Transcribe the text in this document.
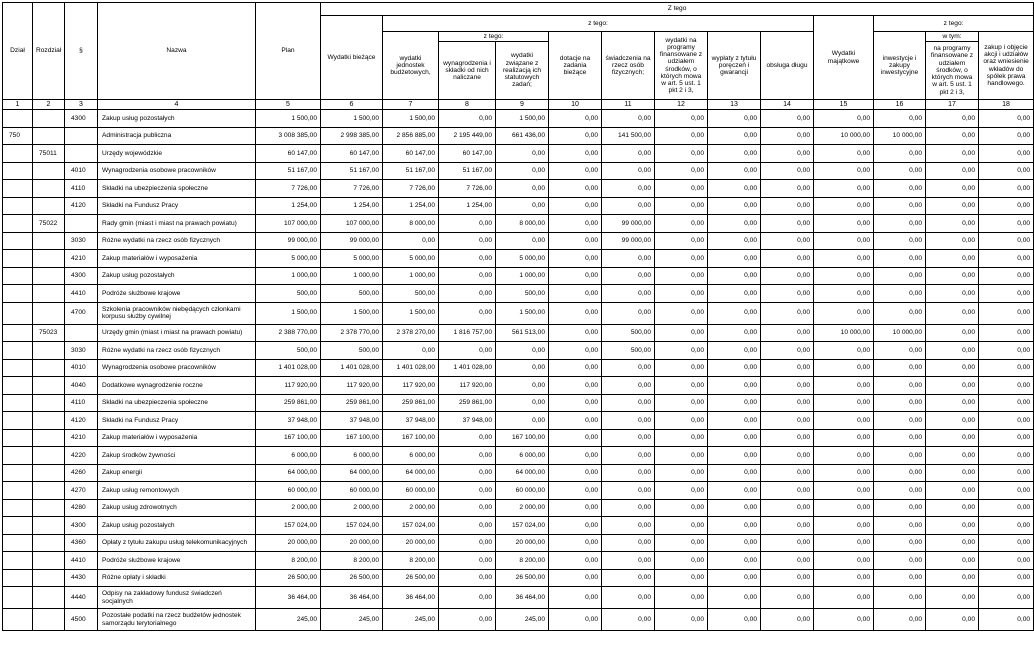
Dział	Rozdział	§	Nazwa	Plan	Z tego												
					Wydatki bieżące	z tego:								Wydatki majątkowe	z tego:		
						wydatki jednostek budżetowych,	z tego:		dotacje na zadania bieżące	świadczenia na rzecz osób fizycznych;	wydatki na programy finansowane z udziałem środków, o których mowa w art. 5 ust. 1 pkt 2 i 3,	wypłaty z tytułu poręczeń i gwarancji	obsługa długu		inwestycje i zakupy inwestycyjne	w tym:	zakup i objęcie akcji i udziałów oraz wniesienie wkładów do spółek prawa handlowego.
							wynagrodzenia i składki od nich naliczane	wydatki związane z realizacją ich statutowych zadań;								na programy finansowane z udziałem środków, o których mowa w art. 5 ust. 1 pkt 2 i 3,	
1	2	3	4	5	6	7	8	9	10	11	12	13	14	15	16	17	18
		4300	Zakup usług pozostałych	1 500,00	1 500,00	1 500,00	0,00	1 500,00	0,00	0,00	0,00	0,00	0,00	0,00	0,00	0,00	0,00
750			Administracja publiczna	3 008 385,00	2 998 385,00	2 856 885,00	2 195 449,00	661 436,00	0,00	141 500,00	0,00	0,00	0,00	10 000,00	10 000,00	0,00	0,00
	75011		Urzędy wojewódzkie	60 147,00	60 147,00	60 147,00	60 147,00	0,00	0,00	0,00	0,00	0,00	0,00	0,00	0,00	0,00	0,00
		4010	Wynagrodzenia osobowe pracowników	51 167,00	51 167,00	51 167,00	51 167,00	0,00	0,00	0,00	0,00	0,00	0,00	0,00	0,00	0,00	0,00
		4110	Składki na ubezpieczenia społeczne	7 726,00	7 726,00	7 726,00	7 726,00	0,00	0,00	0,00	0,00	0,00	0,00	0,00	0,00	0,00	0,00
		4120	Składki na Fundusz Pracy	1 254,00	1 254,00	1 254,00	1 254,00	0,00	0,00	0,00	0,00	0,00	0,00	0,00	0,00	0,00	0,00
	75022		Rady gmin (miast i miast na prawach powiatu)	107 000,00	107 000,00	8 000,00	0,00	8 000,00	0,00	99 000,00	0,00	0,00	0,00	0,00	0,00	0,00	0,00
		3030	Różne wydatki na rzecz osób fizycznych	99 000,00	99 000,00	0,00	0,00	0,00	0,00	99 000,00	0,00	0,00	0,00	0,00	0,00	0,00	0,00
		4210	Zakup materiałów i wyposażenia	5 000,00	5 000,00	5 000,00	0,00	5 000,00	0,00	0,00	0,00	0,00	0,00	0,00	0,00	0,00	0,00
		4300	Zakup usług pozostałych	1 000,00	1 000,00	1 000,00	0,00	1 000,00	0,00	0,00	0,00	0,00	0,00	0,00	0,00	0,00	0,00
		4410	Podróże służbowe krajowe	500,00	500,00	500,00	0,00	500,00	0,00	0,00	0,00	0,00	0,00	0,00	0,00	0,00	0,00
		4700	Szkolenia pracowników niebędących członkami korpusu służby cywilnej	1 500,00	1 500,00	1 500,00	0,00	1 500,00	0,00	0,00	0,00	0,00	0,00	0,00	0,00	0,00	0,00
	75023		Urzędy gmin (miast i miast na prawach powiatu)	2 388 770,00	2 378 770,00	2 378 270,00	1 816 757,00	561 513,00	0,00	500,00	0,00	0,00	0,00	10 000,00	10 000,00	0,00	0,00
		3030	Różne wydatki na rzecz osób fizycznych	500,00	500,00	0,00	0,00	0,00	0,00	500,00	0,00	0,00	0,00	0,00	0,00	0,00	0,00
		4010	Wynagrodzenia osobowe pracowników	1 401 028,00	1 401 028,00	1 401 028,00	1 401 028,00	0,00	0,00	0,00	0,00	0,00	0,00	0,00	0,00	0,00	0,00
		4040	Dodatkowe wynagrodzenie roczne	117 920,00	117 920,00	117 920,00	117 920,00	0,00	0,00	0,00	0,00	0,00	0,00	0,00	0,00	0,00	0,00
		4110	Składki na ubezpieczenia społeczne	259 861,00	259 861,00	259 861,00	259 861,00	0,00	0,00	0,00	0,00	0,00	0,00	0,00	0,00	0,00	0,00
		4120	Składki na Fundusz Pracy	37 948,00	37 948,00	37 948,00	37 948,00	0,00	0,00	0,00	0,00	0,00	0,00	0,00	0,00	0,00	0,00
		4210	Zakup materiałów i wyposażenia	167 100,00	167 100,00	167 100,00	0,00	167 100,00	0,00	0,00	0,00	0,00	0,00	0,00	0,00	0,00	0,00
		4220	Zakup środków żywności	6 000,00	6 000,00	6 000,00	0,00	6 000,00	0,00	0,00	0,00	0,00	0,00	0,00	0,00	0,00	0,00
		4260	Zakup energii	64 000,00	64 000,00	64 000,00	0,00	64 000,00	0,00	0,00	0,00	0,00	0,00	0,00	0,00	0,00	0,00
		4270	Zakup usług remontowych	60 000,00	60 000,00	60 000,00	0,00	60 000,00	0,00	0,00	0,00	0,00	0,00	0,00	0,00	0,00	0,00
		4280	Zakup usług zdrowotnych	2 000,00	2 000,00	2 000,00	0,00	2 000,00	0,00	0,00	0,00	0,00	0,00	0,00	0,00	0,00	0,00
		4300	Zakup usług pozostałych	157 024,00	157 024,00	157 024,00	0,00	157 024,00	0,00	0,00	0,00	0,00	0,00	0,00	0,00	0,00	0,00
		4360	Opłaty z tytułu zakupu usług telekomunikacyjnych	20 000,00	20 000,00	20 000,00	0,00	20 000,00	0,00	0,00	0,00	0,00	0,00	0,00	0,00	0,00	0,00
		4410	Podróże służbowe krajowe	8 200,00	8 200,00	8 200,00	0,00	8 200,00	0,00	0,00	0,00	0,00	0,00	0,00	0,00	0,00	0,00
		4430	Różne opłaty i składki	26 500,00	26 500,00	26 500,00	0,00	26 500,00	0,00	0,00	0,00	0,00	0,00	0,00	0,00	0,00	0,00
		4440	Odpisy na zakładowy fundusz świadczeń socjalnych	36 464,00	36 464,00	36 464,00	0,00	36 464,00	0,00	0,00	0,00	0,00	0,00	0,00	0,00	0,00	0,00
		4500	Pozostałe podatki na rzecz budżetów jednostek samorządu terytorialnego	245,00	245,00	245,00	0,00	245,00	0,00	0,00	0,00	0,00	0,00	0,00	0,00	0,00	0,00
